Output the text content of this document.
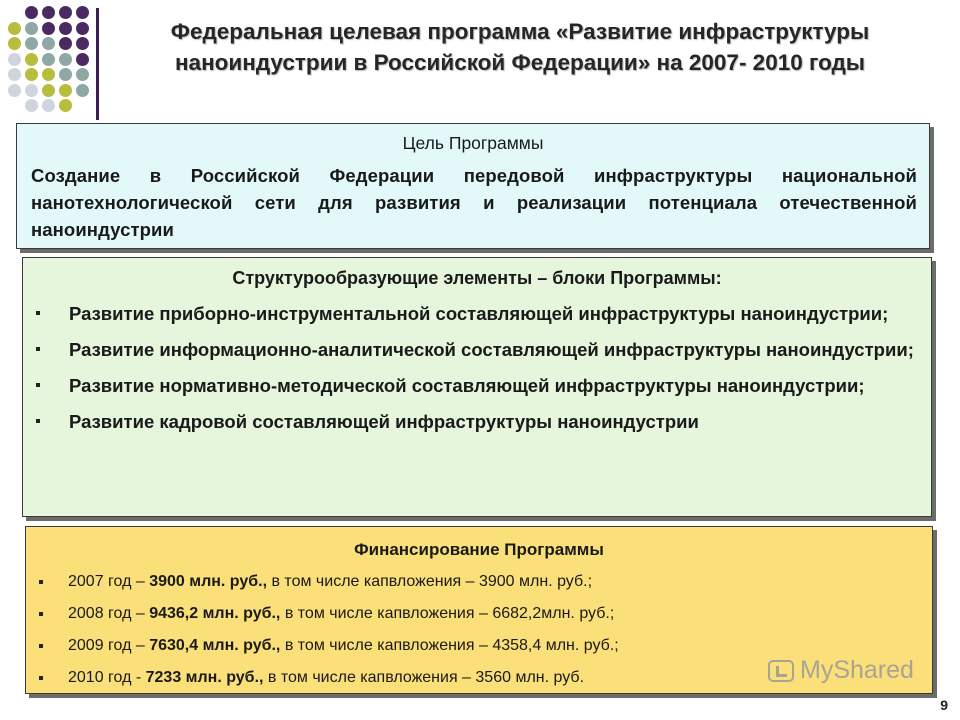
Федеральная целевая программа «Развитие инфраструктуры наноиндустрии в Российской Федерации» на 2007- 2010 годы
Цель Программы
Создание в Российской Федерации передовой инфраструктуры национальной нанотехнологической сети для развития и реализации потенциала отечественной наноиндустрии
Структурообразующие элементы – блоки Программы:
Развитие приборно-инструментальной составляющей инфраструктуры наноиндустрии;
Развитие информационно-аналитической составляющей инфраструктуры наноиндустрии;
Развитие нормативно-методической составляющей инфраструктуры наноиндустрии;
Развитие кадровой составляющей инфраструктуры наноиндустрии
Финансирование Программы
2007 год – 3900 млн. руб., в том числе капвложения – 3900 млн. руб.;
2008 год – 9436,2 млн. руб., в том числе капвложения – 6682,2млн. руб.;
2009 год – 7630,4 млн. руб., в том числе капвложения – 4358,4 млн. руб.;
2010 год - 7233 млн. руб., в том числе капвложения – 3560 млн. руб.	MyShared
9
